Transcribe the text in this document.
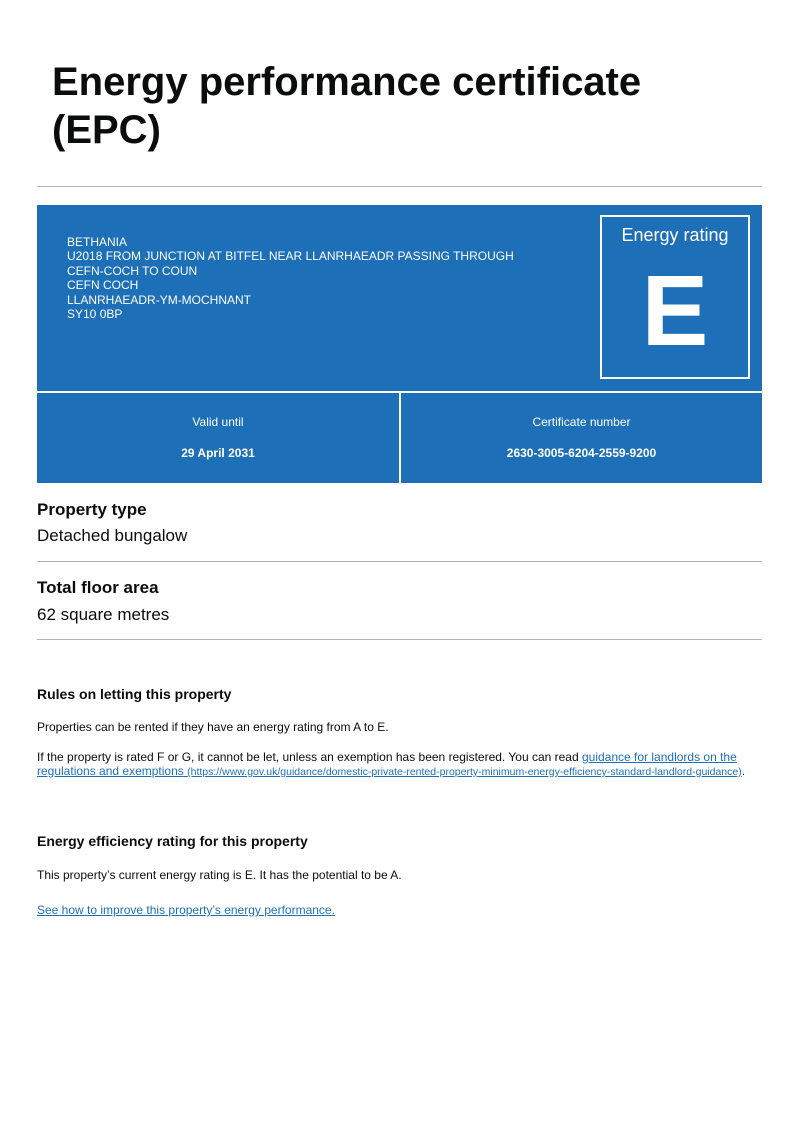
Energy performance certificate (EPC)
BETHANIA
U2018 FROM JUNCTION AT BITFEL NEAR LLANRHAEADR PASSING THROUGH
CEFN-COCH TO COUN
CEFN COCH
LLANRHAEADR-YM-MOCHNANT
SY10 0BP
Energy rating
E
Valid until
29 April 2031
Certificate number
2630-3005-6204-2559-9200
Property type
Detached bungalow
Total floor area
62 square metres
Rules on letting this property
Properties can be rented if they have an energy rating from A to E.
If the property is rated F or G, it cannot be let, unless an exemption has been registered. You can read guidance for landlords on the regulations and exemptions (https://www.gov.uk/guidance/domestic-private-rented-property-minimum-energy-efficiency-standard-landlord-guidance).
Energy efficiency rating for this property
This property’s current energy rating is E. It has the potential to be A.
See how to improve this property’s energy performance.
